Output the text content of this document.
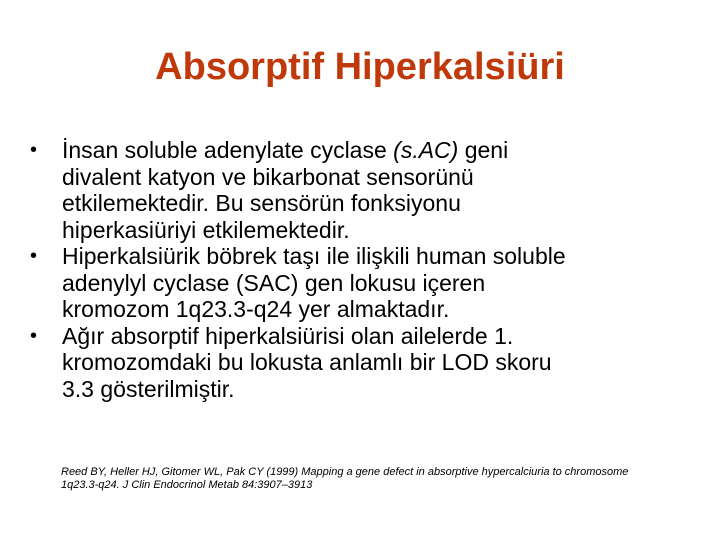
Absorptif Hiperkalsiüri
•	İnsan soluble adenylate cyclase (s.AC) geni
divalent katyon ve bikarbonat sensorünü
etkilemektedir. Bu sensörün fonksiyonu
hiperkasiüriyi etkilemektedir.
•	Hiperkalsiürik böbrek taşı ile ilişkili human soluble
adenylyl cyclase (SAC) gen lokusu içeren
kromozom 1q23.3-q24 yer almaktadır.
•	Ağır absorptif hiperkalsiürisi olan ailelerde 1.
kromozomdaki bu lokusta anlamlı bir LOD skoru
3.3 gösterilmiştir.
Reed BY, Heller HJ, Gitomer WL, Pak CY (1999) Mapping a gene defect in absorptive hypercalciuria to chromosome
1q23.3-q24. J Clin Endocrinol Metab 84:3907–3913
